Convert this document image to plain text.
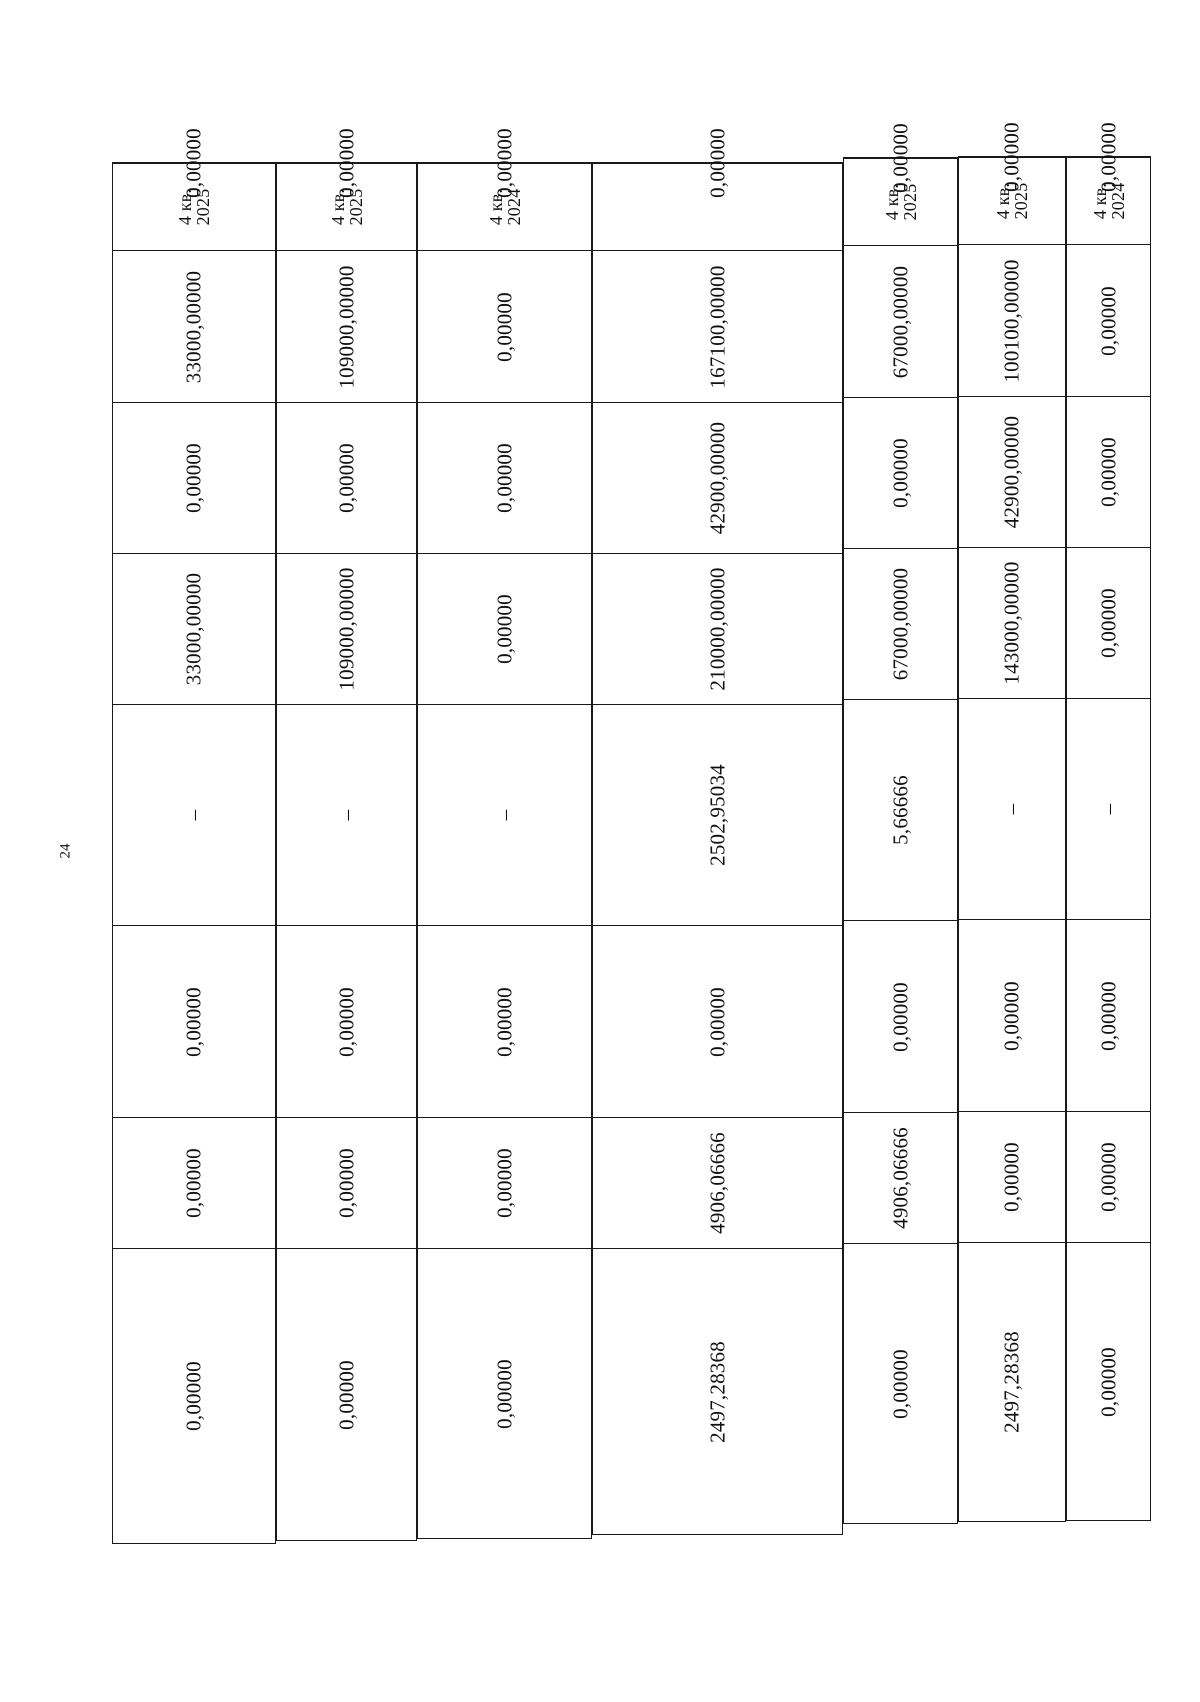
24
4 кв.
2025
33000,00000
0,00000
33000,00000
–
0,00000
0,00000
0,00000
0,00000
4 кв.
2025
109000,00000
0,00000
109000,00000
–
0,00000
0,00000
0,00000
0,00000
4 кв.
2024
0,00000
0,00000
0,00000
–
0,00000
0,00000
0,00000
0,00000
167100,00000
42900,00000
210000,00000
2502,95034
0,00000
4906,06666
2497,28368
0,00000
4 кв.
2025
67000,00000
0,00000
67000,00000
5,66666
0,00000
4906,06666
0,00000
0,00000
4 кв.
2025
100100,00000
42900,00000
143000,00000
–
0,00000
0,00000
2497,28368
0,00000
4 кв.
2024
0,00000
0,00000
0,00000
–
0,00000
0,00000
0,00000
0,00000
